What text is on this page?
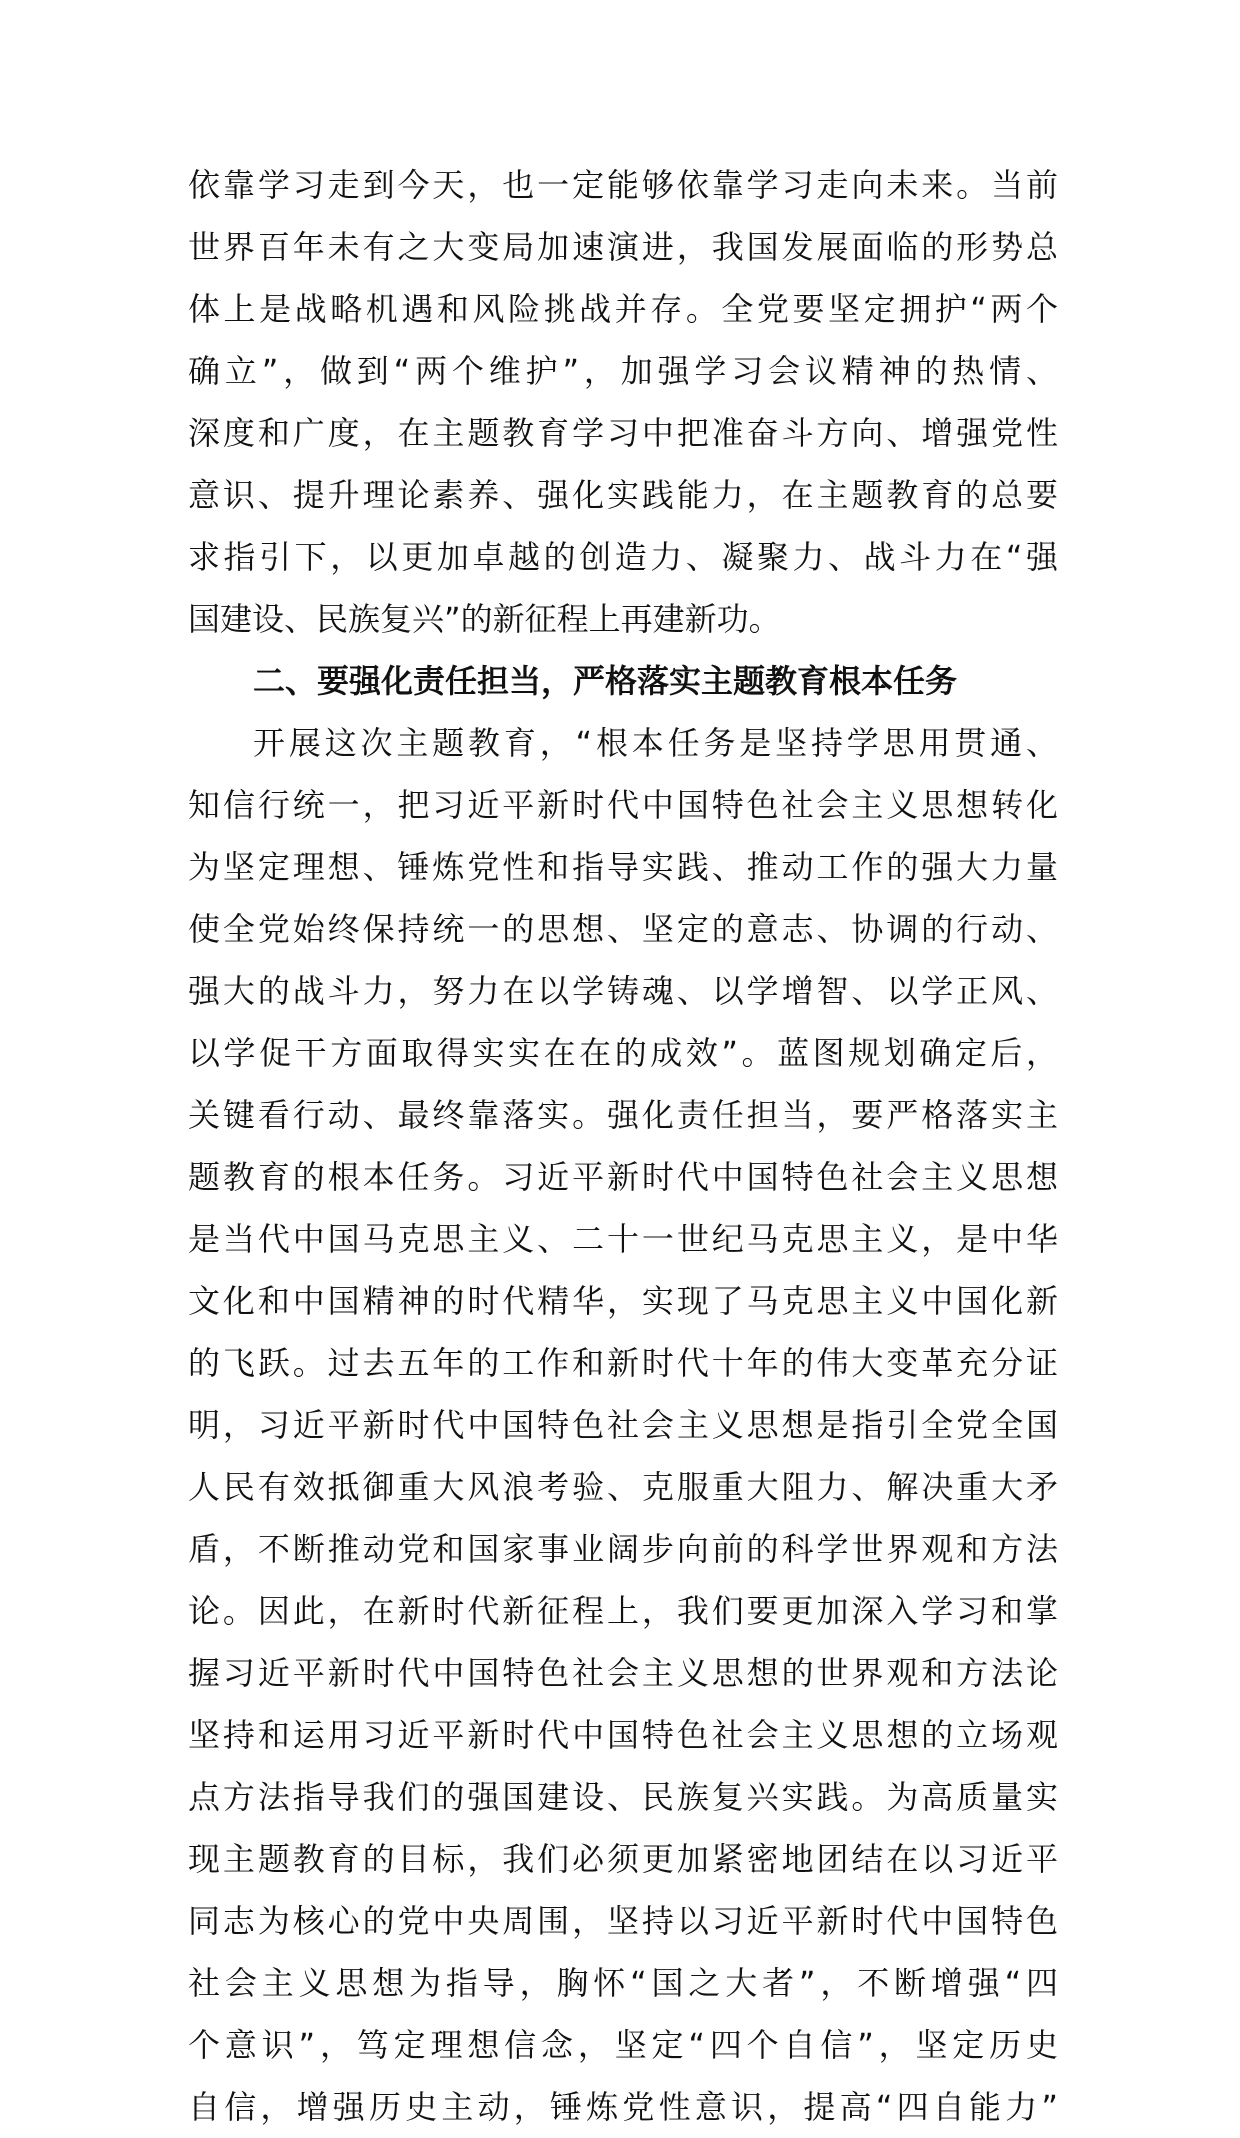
依靠学习走到今天，也一定能够依靠学习走向未来。当前
世界百年未有之大变局加速演进，我国发展面临的形势总
体上是战略机遇和风险挑战并存。全党要坚定拥护“两个
确立”，做到“两个维护”，加强学习会议精神的热情、
深度和广度，在主题教育学习中把准奋斗方向、增强党性
意识、提升理论素养、强化实践能力，在主题教育的总要
求指引下，以更加卓越的创造力、凝聚力、战斗力在“强
国建设、民族复兴”的新征程上再建新功。
二、要强化责任担当，严格落实主题教育根本任务
开展这次主题教育，“根本任务是坚持学思用贯通、
知信行统一，把习近平新时代中国特色社会主义思想转化
为坚定理想、锤炼党性和指导实践、推动工作的强大力量
使全党始终保持统一的思想、坚定的意志、协调的行动、
强大的战斗力，努力在以学铸魂、以学增智、以学正风、
以学促干方面取得实实在在的成效”。蓝图规划确定后，
关键看行动、最终靠落实。强化责任担当，要严格落实主
题教育的根本任务。习近平新时代中国特色社会主义思想
是当代中国马克思主义、二十一世纪马克思主义，是中华
文化和中国精神的时代精华，实现了马克思主义中国化新
的飞跃。过去五年的工作和新时代十年的伟大变革充分证
明，习近平新时代中国特色社会主义思想是指引全党全国
人民有效抵御重大风浪考验、克服重大阻力、解决重大矛
盾，不断推动党和国家事业阔步向前的科学世界观和方法
论。因此，在新时代新征程上，我们要更加深入学习和掌
握习近平新时代中国特色社会主义思想的世界观和方法论
坚持和运用习近平新时代中国特色社会主义思想的立场观
点方法指导我们的强国建设、民族复兴实践。为高质量实
现主题教育的目标，我们必须更加紧密地团结在以习近平
同志为核心的党中央周围，坚持以习近平新时代中国特色
社会主义思想为指导，胸怀“国之大者”，不断增强“四
个意识”，笃定理想信念，坚定“四个自信”，坚定历史
自信，增强历史主动，锤炼党性意识，提高“四自能力”
